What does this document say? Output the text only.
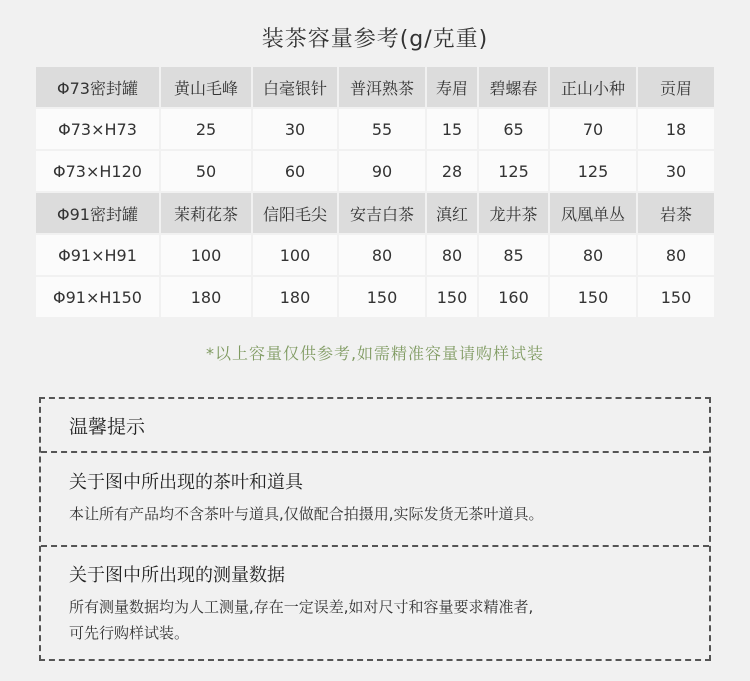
装茶容量参考(g/克重)
Φ73密封罐	黄山毛峰	白毫银针	普洱熟茶	寿眉	碧螺春	正山小种	贡眉
Φ73×H73	25	30	55	15	65	70	18
Φ73×H120	50	60	90	28	125	125	30
Φ91密封罐	茉莉花茶	信阳毛尖	安吉白茶	滇红	龙井茶	凤凰单丛	岩茶
Φ91×H91	100	100	80	80	85	80	80
Φ91×H150	180	180	150	150	160	150	150
*以上容量仅供参考,如需精准容量请购样试装
温馨提示
关于图中所出现的茶叶和道具
本让所有产品均不含茶叶与道具,仅做配合拍摄用,实际发货无茶叶道具。
关于图中所出现的测量数据
所有测量数据均为人工测量,存在一定误差,如对尺寸和容量要求精准者,
可先行购样试装。
